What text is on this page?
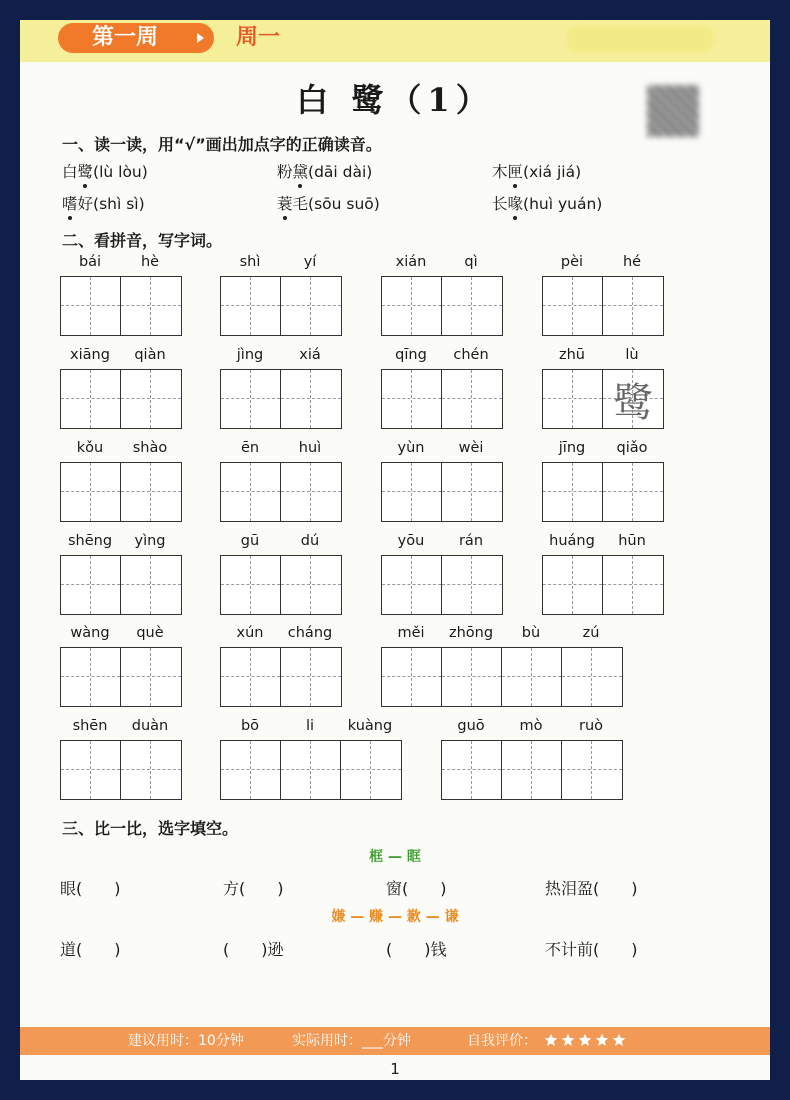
第一周	周一
白 鹭（1）
一、读一读，用“√”画出加点字的正确读音。
白鹭(lù lòu)	粉黛(dāi dài)	木匣(xiá jiá)
嗜好(shì sì)	蓑毛(sōu suō)	长喙(huì yuán)
二、看拼音，写字词。
bái	hè	shì	yí	xián	qì	pèi	hé
xiāng	qiàn	jìng	xiá	qīng	chén	zhū	lù
鹭
kǒu	shào	ēn	huì	yùn	wèi	jīng	qiǎo
shēng	yìng	gū	dú	yōu	rán	huáng	hūn
wàng	què	xún	cháng	měi	zhōng	bù	zú
shēn	duàn	bō	li	kuàng	guō	mò	ruò
三、比一比，选字填空。
框 — 眶
眼(　　)	方(　　)	窗(　　)	热泪盈(　　)
嫌 — 赚 — 歉 — 谦
道(　　)	(　　)逊	(　　)钱	不计前(　　)
建议用时：10分钟	实际用时：___分钟	自我评价：
1
